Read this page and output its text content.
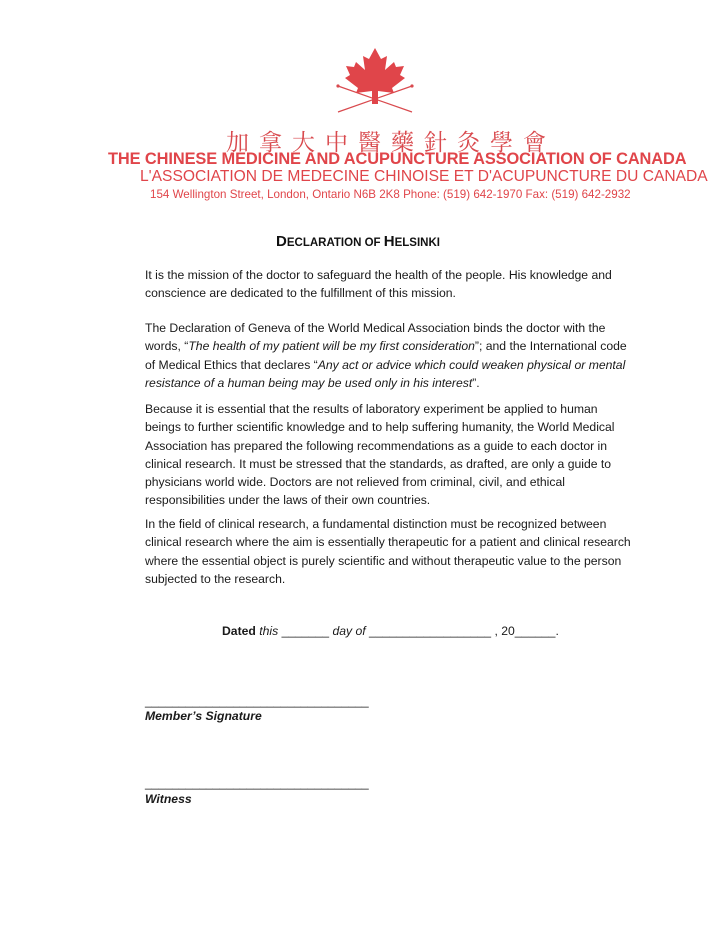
加 拿 大 中 醫 藥 針 灸 學 會
THE CHINESE MEDICINE AND ACUPUNCTURE ASSOCIATION OF CANADA
L'ASSOCIATION DE MEDECINE CHINOISE ET D'ACUPUNCTURE DU CANADA
154 Wellington Street, London, Ontario N6B 2K8 Phone: (519) 642-1970 Fax: (519) 642-2932
DECLARATION OF HELSINKI

It is the mission of the doctor to safeguard the health of the people. His knowledge and conscience are dedicated to the fulfillment of this mission.

The Declaration of Geneva of the World Medical Association binds the doctor with the words, “The health of my patient will be my first consideration”; and the International code of Medical Ethics that declares “Any act or advice which could weaken physical or mental resistance of a human being may be used only in his interest”.

Because it is essential that the results of laboratory experiment be applied to human beings to further scientific knowledge and to help suffering humanity, the World Medical Association has prepared the following recommendations as a guide to each doctor in clinical research. It must be stressed that the standards, as drafted, are only a guide to physicians world wide. Doctors are not relieved from criminal, civil, and ethical responsibilities under the laws of their own countries.

In the field of clinical research, a fundamental distinction must be recognized between clinical research where the aim is essentially therapeutic for a patient and clinical research where the essential object is purely scientific and without therapeutic value to the person subjected to the research.

Dated this _______ day of __________________ , 20______.
_________________________________
Member’s Signature
_________________________________
Witness
